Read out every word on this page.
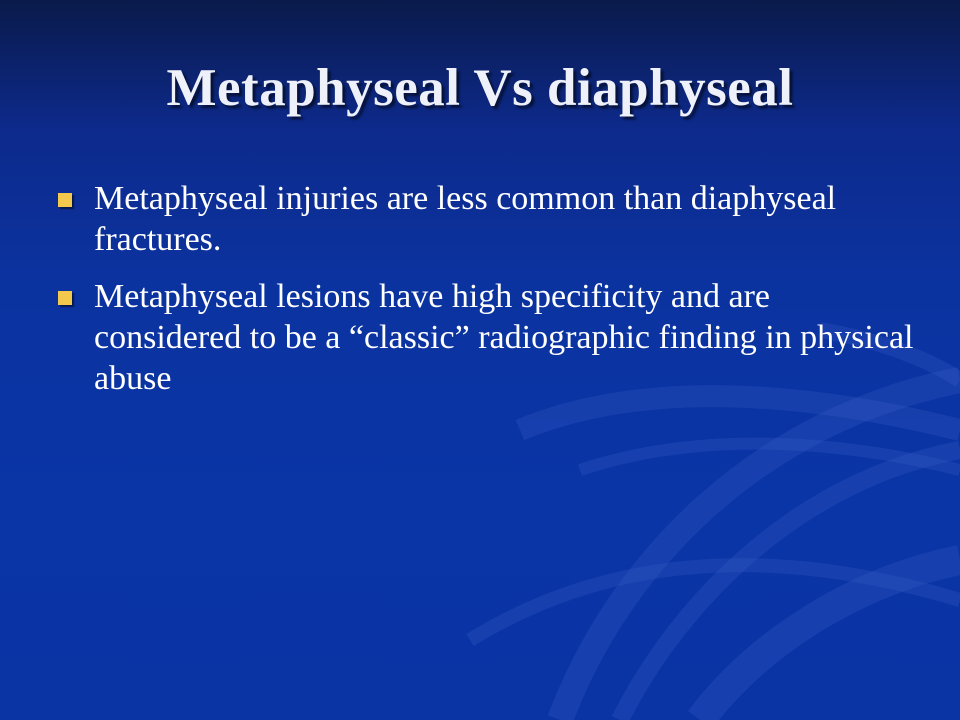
Metaphyseal Vs diaphyseal
Metaphyseal injuries are less common than diaphyseal fractures.
Metaphyseal lesions have high specificity and are considered to be a “classic” radiographic finding in physical abuse
